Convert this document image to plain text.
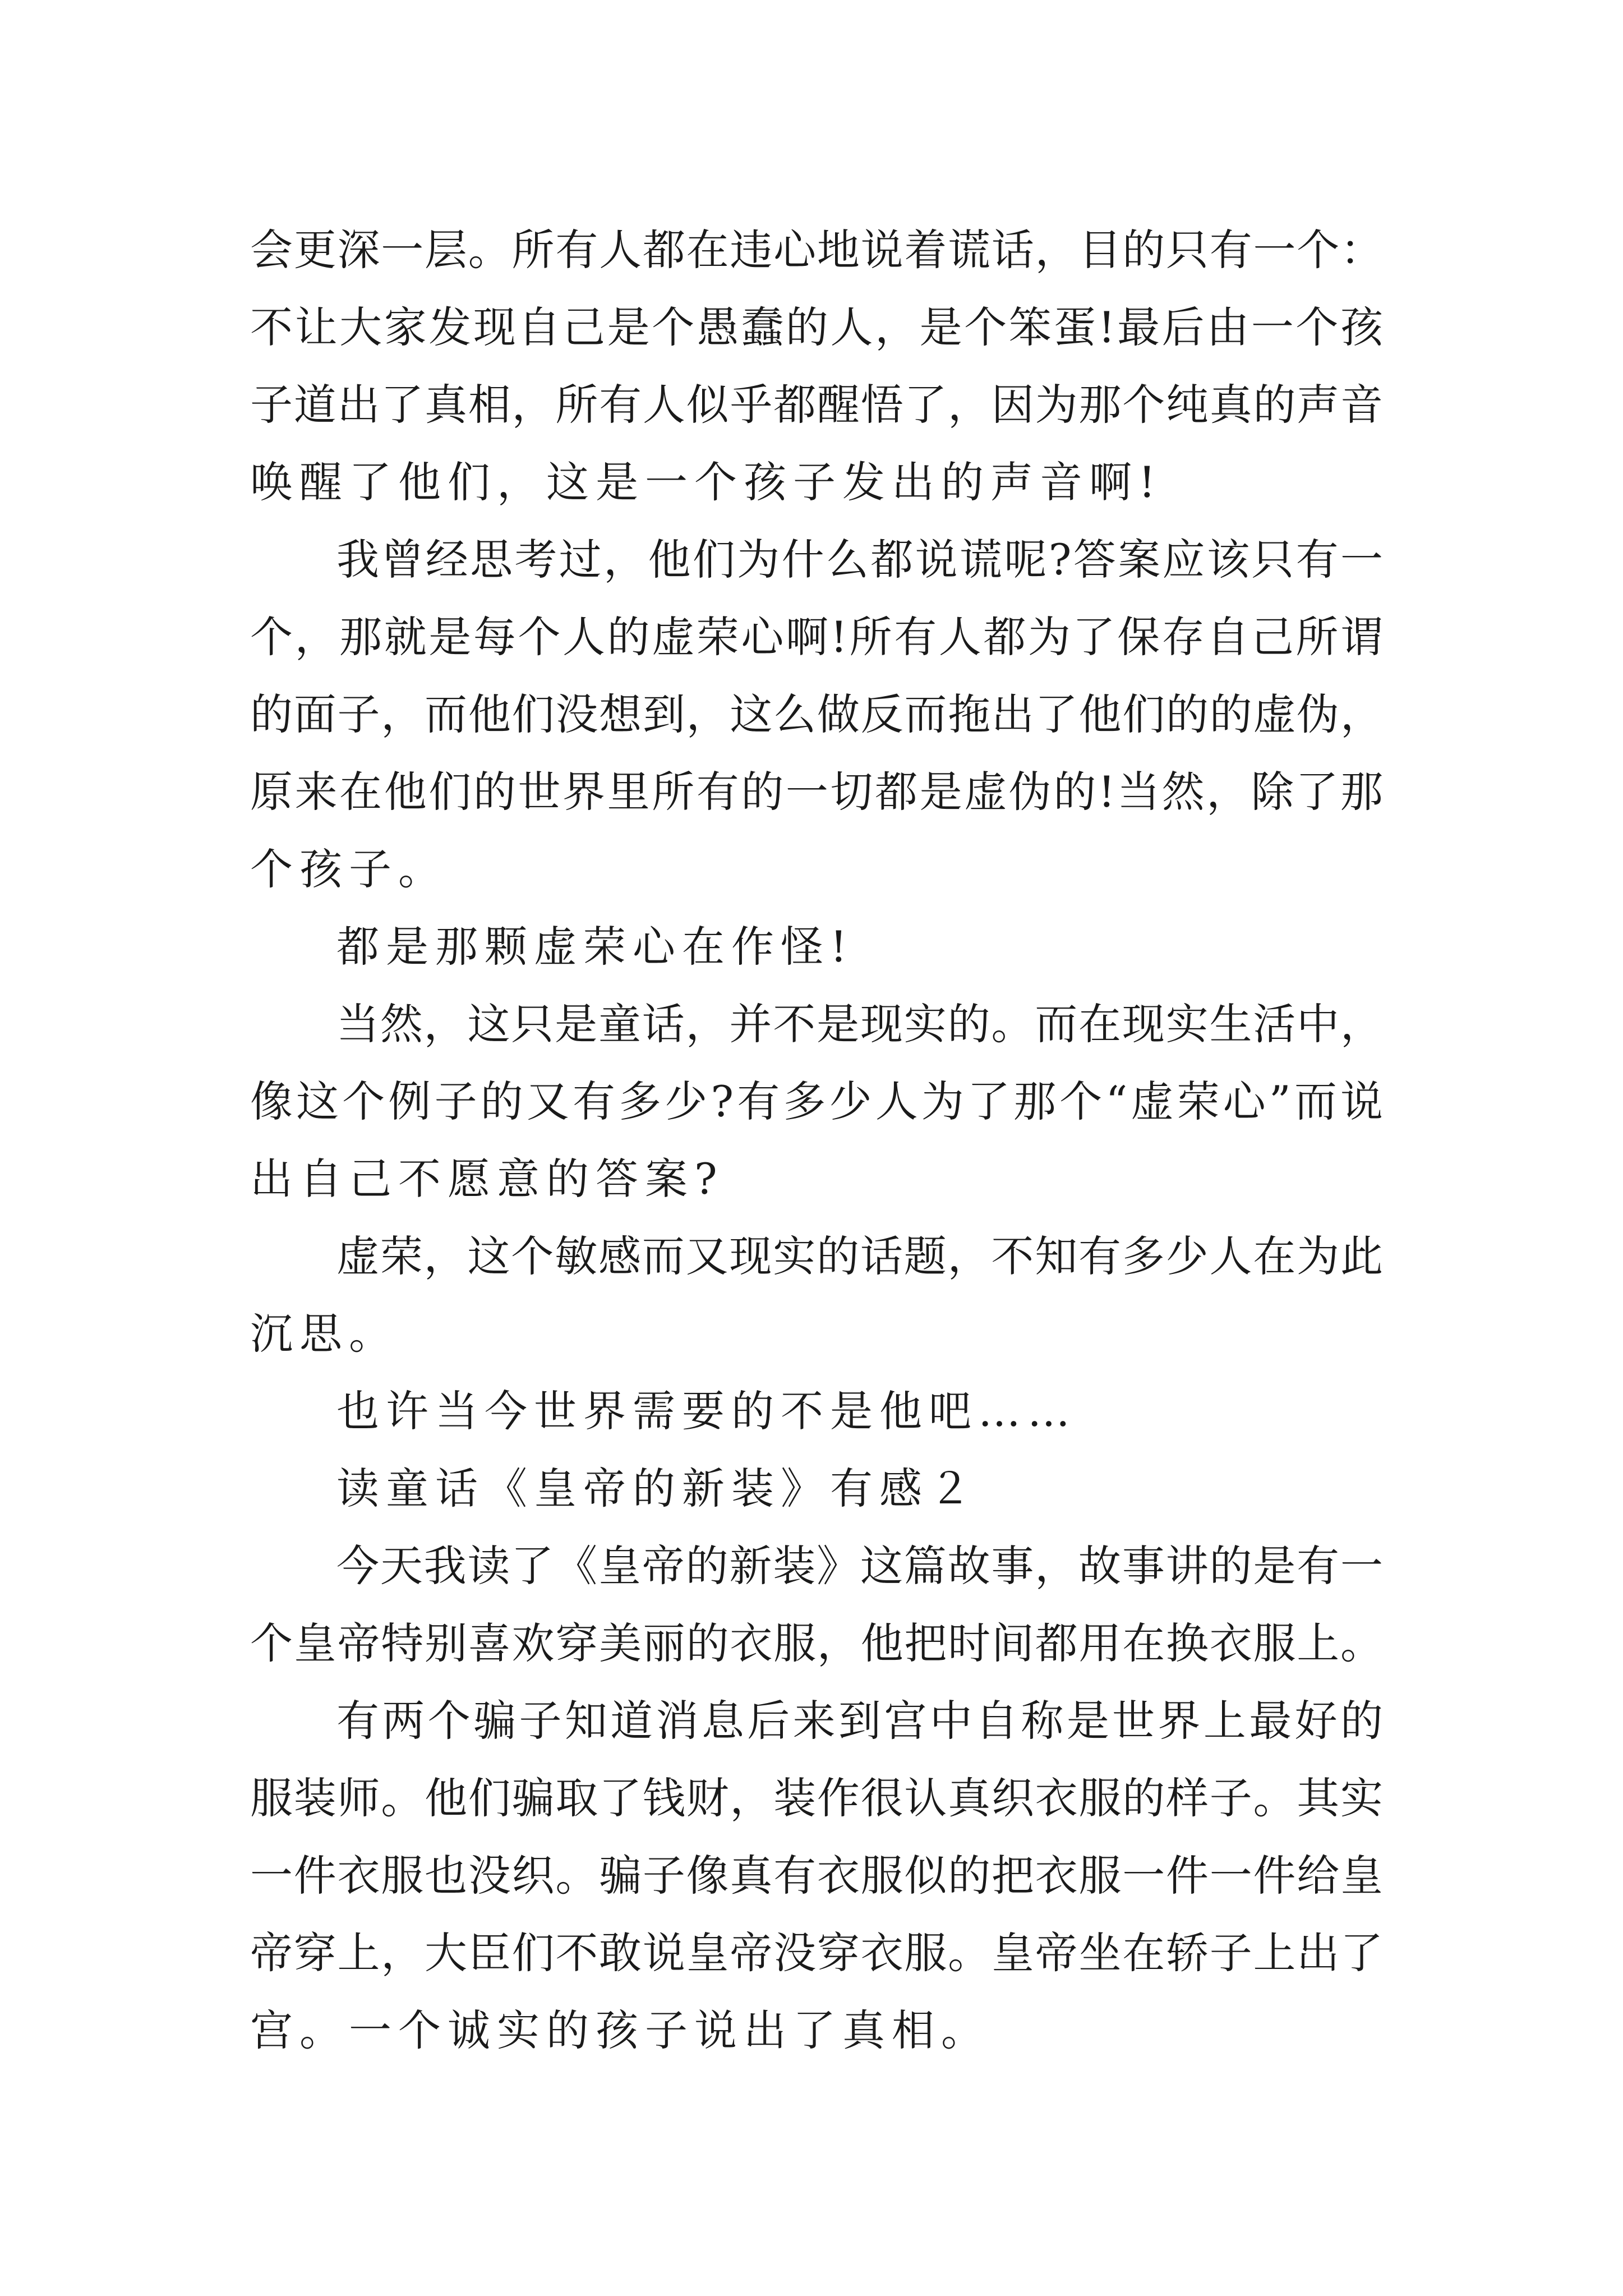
会更深一层。所有人都在违心地说着谎话，目的只有一个：
不让大家发现自己是个愚蠢的人，是个笨蛋!最后由一个孩
子道出了真相，所有人似乎都醒悟了，因为那个纯真的声音
唤醒了他们，这是一个孩子发出的声音啊!
我曾经思考过，他们为什么都说谎呢?答案应该只有一
个，那就是每个人的虚荣心啊!所有人都为了保存自己所谓
的面子，而他们没想到，这么做反而拖出了他们的的虚伪，
原来在他们的世界里所有的一切都是虚伪的!当然，除了那
个孩子。
都是那颗虚荣心在作怪!
当然，这只是童话，并不是现实的。而在现实生活中，
像这个例子的又有多少?有多少人为了那个“虚荣心”而说
出自己不愿意的答案?
虚荣，这个敏感而又现实的话题，不知有多少人在为此
沉思。
也许当今世界需要的不是他吧……
读童话《皇帝的新装》有感２
今天我读了《皇帝的新装》这篇故事，故事讲的是有一
个皇帝特别喜欢穿美丽的衣服，他把时间都用在换衣服上。
有两个骗子知道消息后来到宫中自称是世界上最好的
服装师。他们骗取了钱财，装作很认真织衣服的样子。其实
一件衣服也没织。骗子像真有衣服似的把衣服一件一件给皇
帝穿上，大臣们不敢说皇帝没穿衣服。皇帝坐在轿子上出了
宫。一个诚实的孩子说出了真相。
